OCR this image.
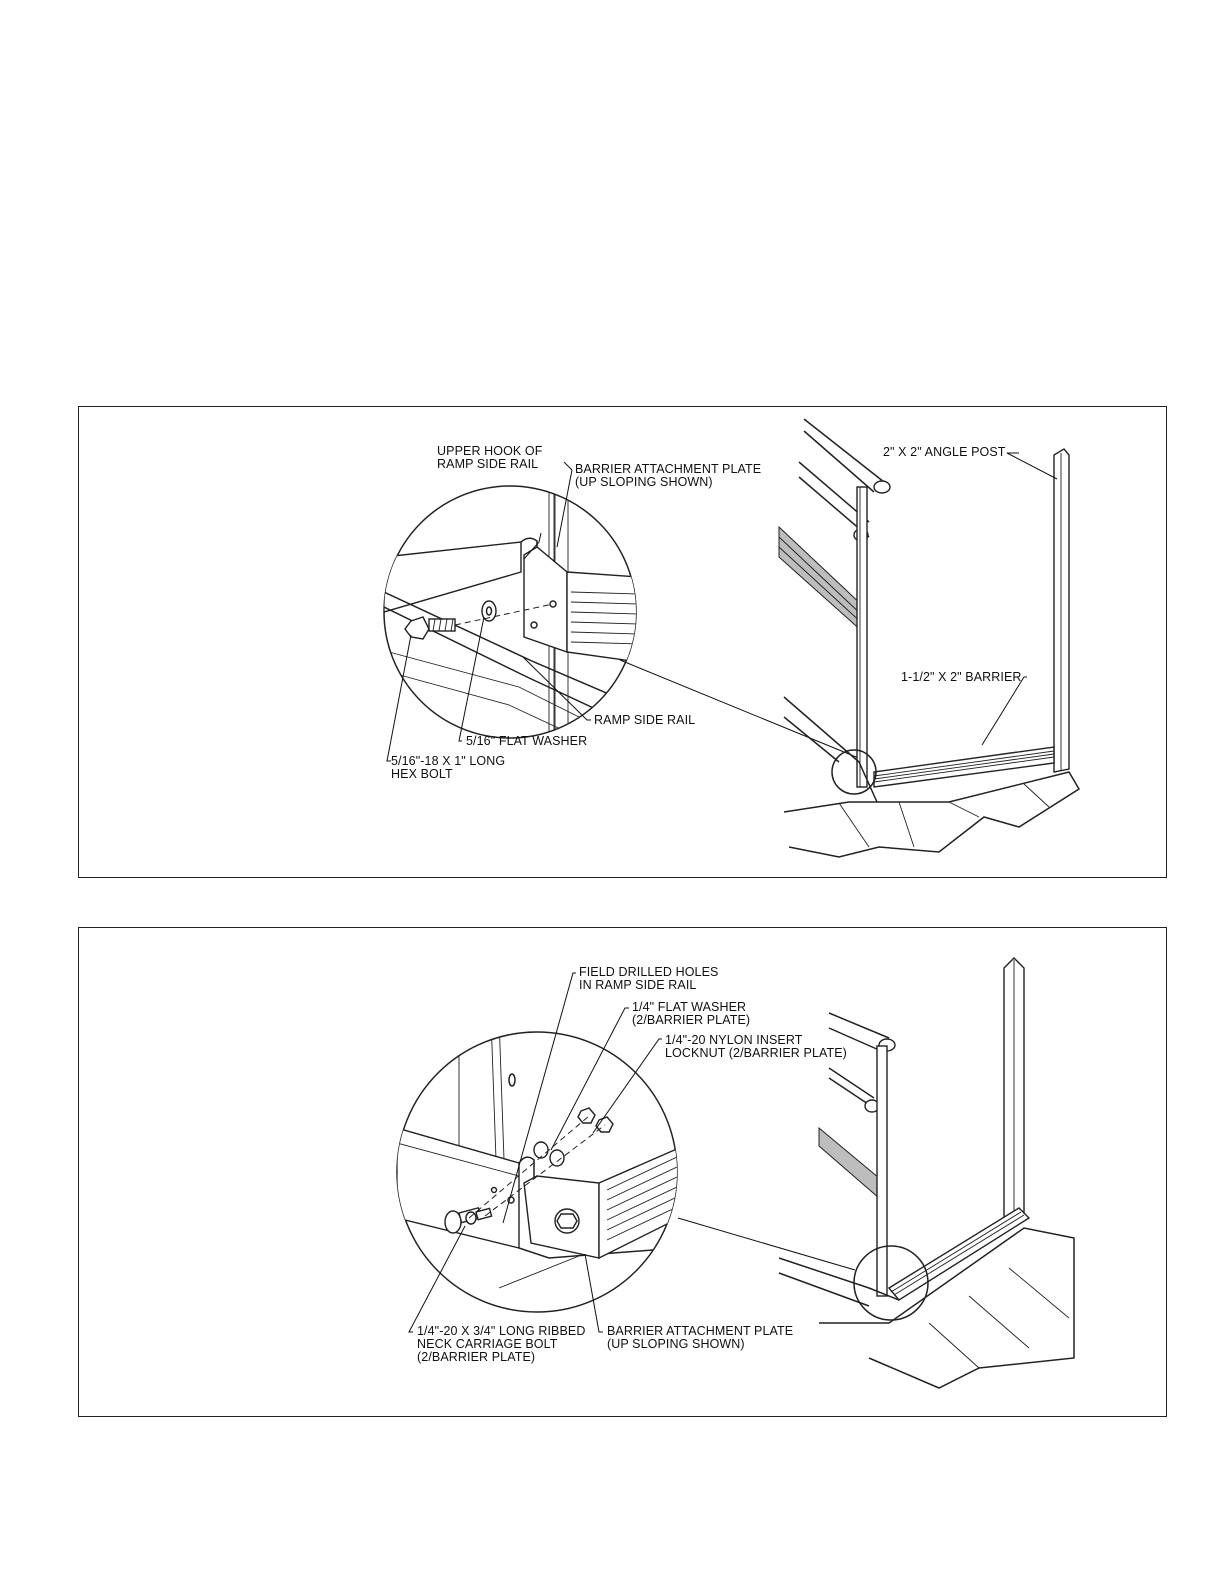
UPPER HOOK OF
RAMP SIDE RAIL	BARRIER ATTACHMENT PLATE
(UP SLOPING SHOWN)
2" X 2" ANGLE POST
1-1/2" X 2" BARRIER
RAMP SIDE RAIL
5/16" FLAT WASHER
5/16"-18 X 1" LONG
HEX BOLT
FIELD DRILLED HOLES
IN RAMP SIDE RAIL
1/4" FLAT WASHER
(2/BARRIER PLATE)
1/4"-20 NYLON INSERT
LOCKNUT (2/BARRIER PLATE)
1/4"-20 X 3/4" LONG RIBBED
NECK CARRIAGE BOLT
(2/BARRIER PLATE)
BARRIER ATTACHMENT PLATE
(UP SLOPING SHOWN)
